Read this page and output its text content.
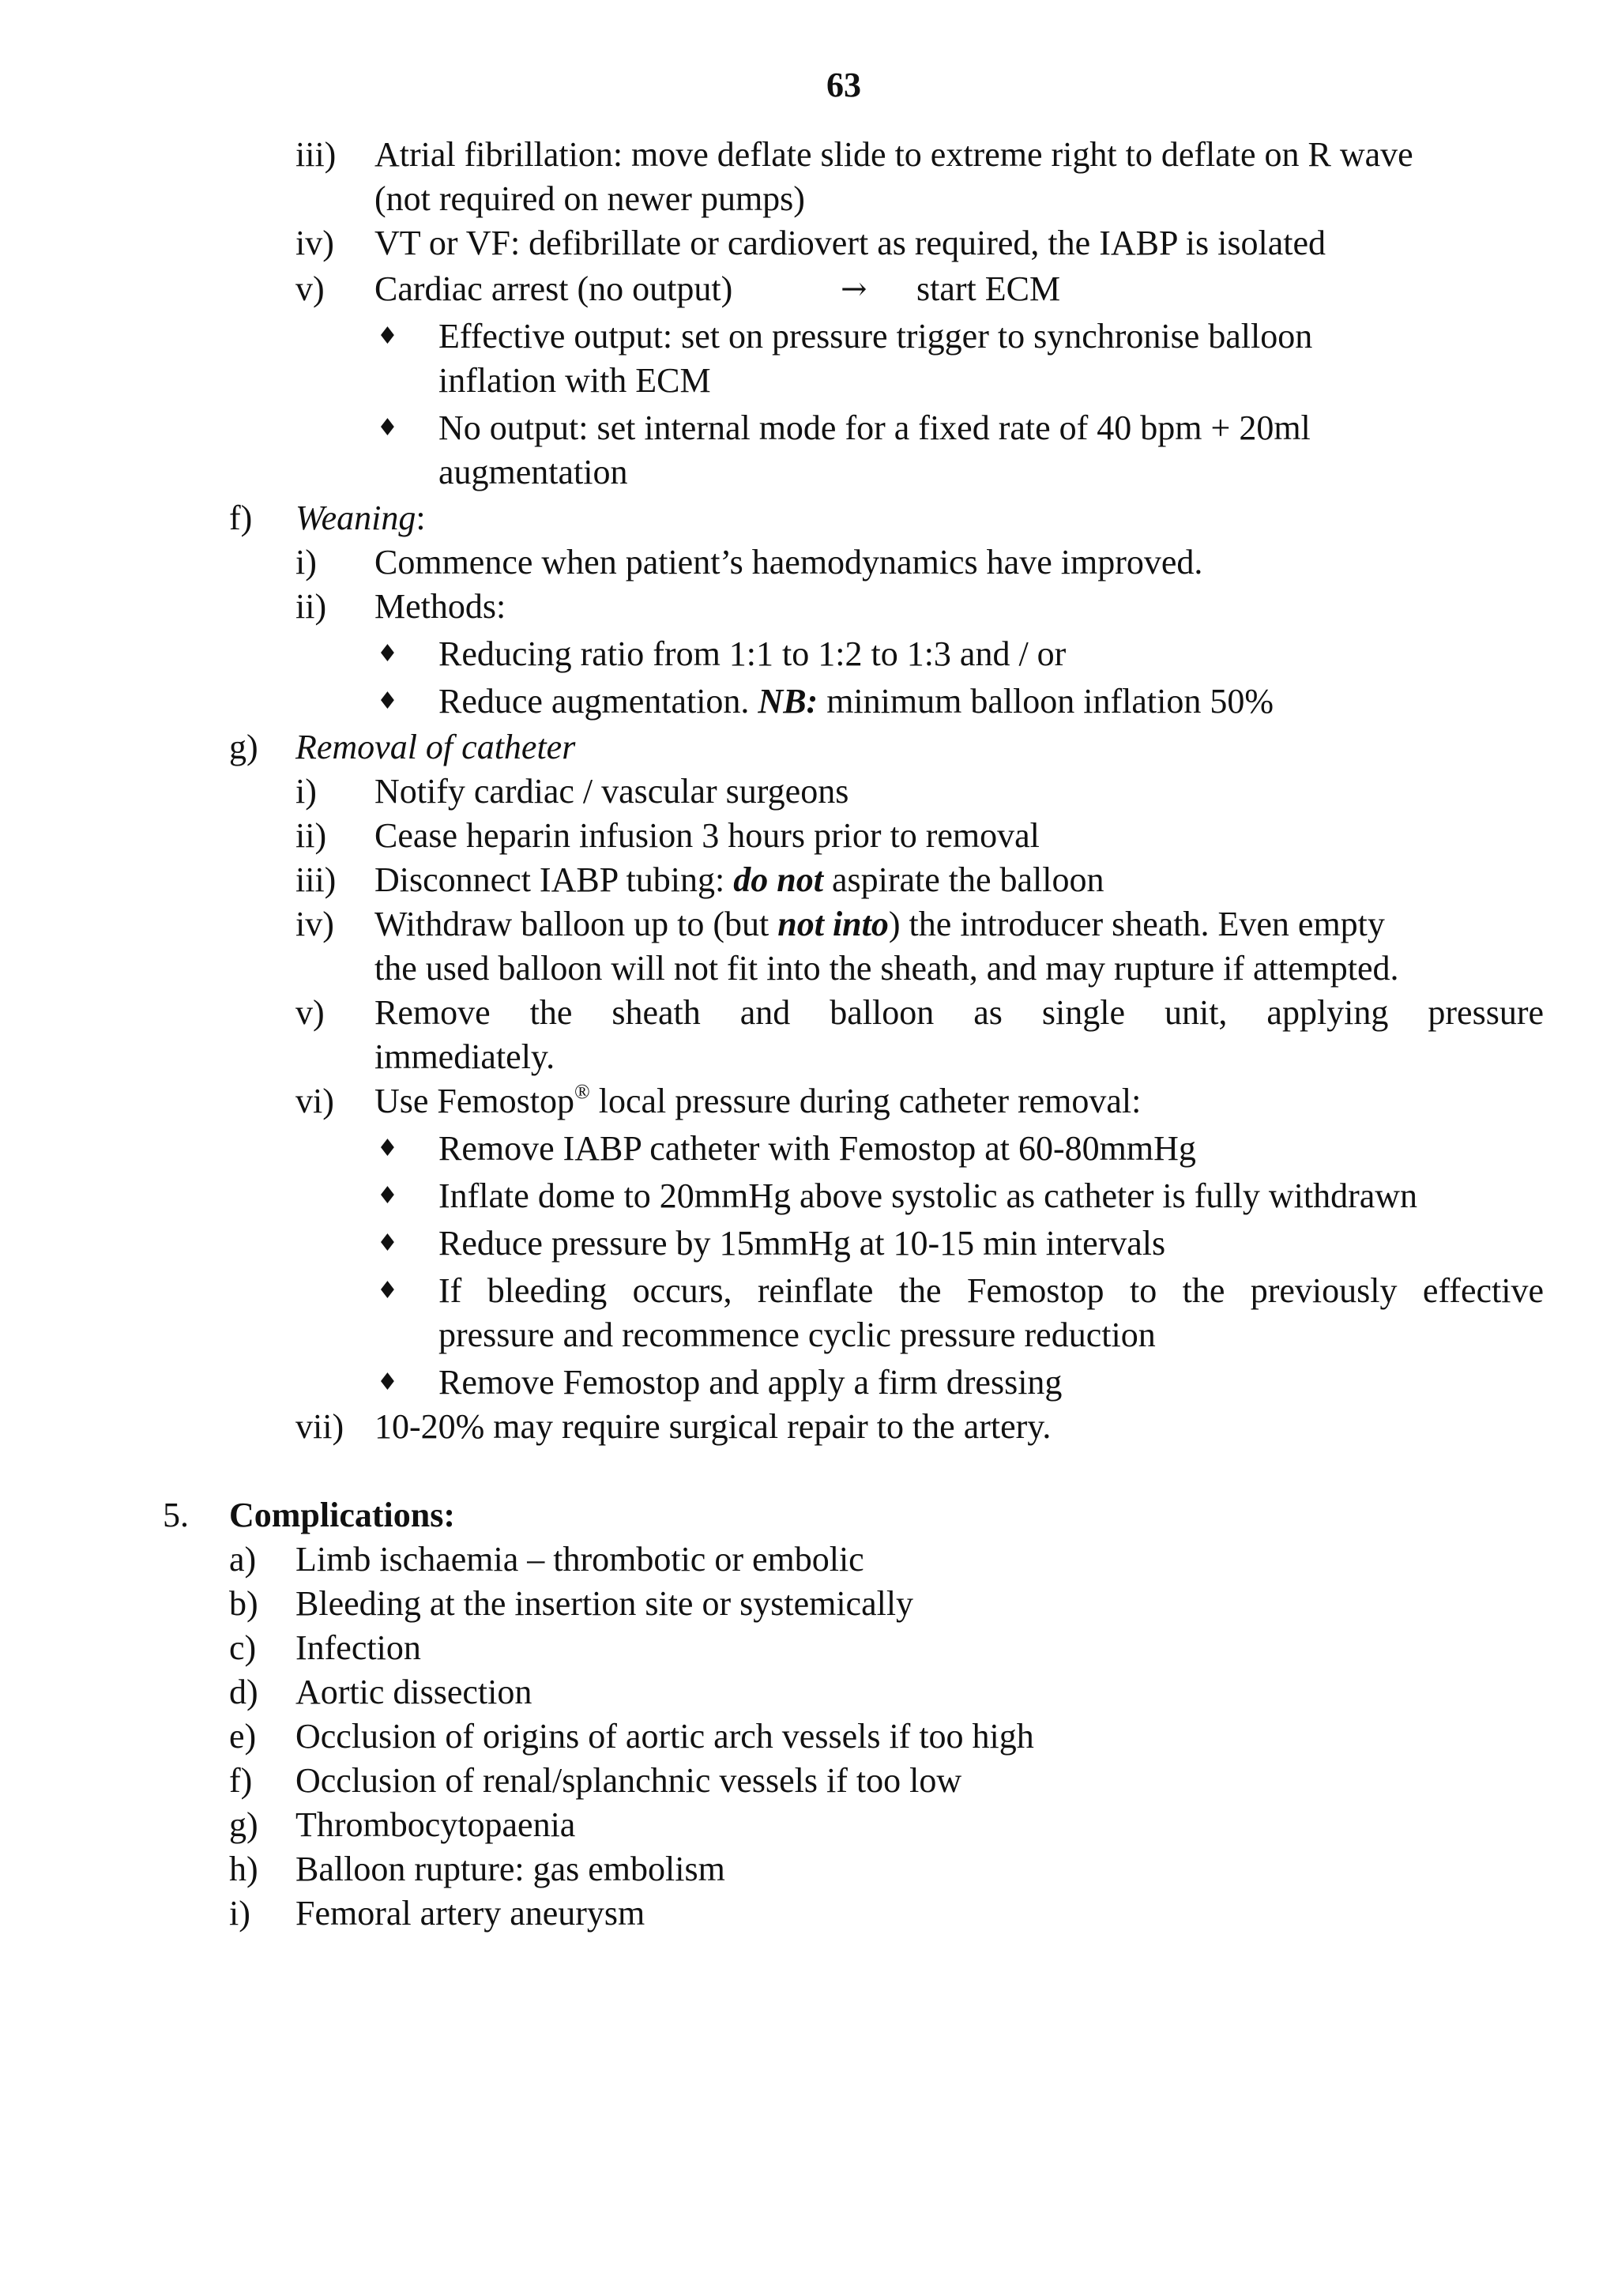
63
iii) Atrial fibrillation: move deflate slide to extreme right to deflate on R wave
(not required on newer pumps)
iv) VT or VF: defibrillate or cardiovert as required, the IABP is isolated
v) Cardiac arrest (no output)	→ start ECM
♦ Effective output: set on pressure trigger to synchronise balloon
inflation with ECM
♦ No output: set internal mode for a fixed rate of 40 bpm + 20ml
augmentation
f) Weaning:
i) Commence when patient’s haemodynamics have improved.
ii) Methods:
♦ Reducing ratio from 1:1 to 1:2 to 1:3 and / or
♦ Reduce augmentation. NB: minimum balloon inflation 50%
g) Removal of catheter
i) Notify cardiac / vascular surgeons
ii) Cease heparin infusion 3 hours prior to removal
iii) Disconnect IABP tubing: do not aspirate the balloon
iv) Withdraw balloon up to (but not into) the introducer sheath. Even empty
the used balloon will not fit into the sheath, and may rupture if attempted.
v) Remove the sheath and balloon as single unit, applying pressure
immediately.
vi) Use Femostop® local pressure during catheter removal:
♦ Remove IABP catheter with Femostop at 60-80mmHg
♦ Inflate dome to 20mmHg above systolic as catheter is fully withdrawn
♦ Reduce pressure by 15mmHg at 10-15 min intervals
♦ If bleeding occurs, reinflate the Femostop to the previously effective
pressure and recommence cyclic pressure reduction
♦ Remove Femostop and apply a firm dressing
vii) 10-20% may require surgical repair to the artery.
5. Complications:
a) Limb ischaemia – thrombotic or embolic
b) Bleeding at the insertion site or systemically
c) Infection
d) Aortic dissection
e) Occlusion of origins of aortic arch vessels if too high
f) Occlusion of renal/splanchnic vessels if too low
g) Thrombocytopaenia
h) Balloon rupture: gas embolism
i) Femoral artery aneurysm
